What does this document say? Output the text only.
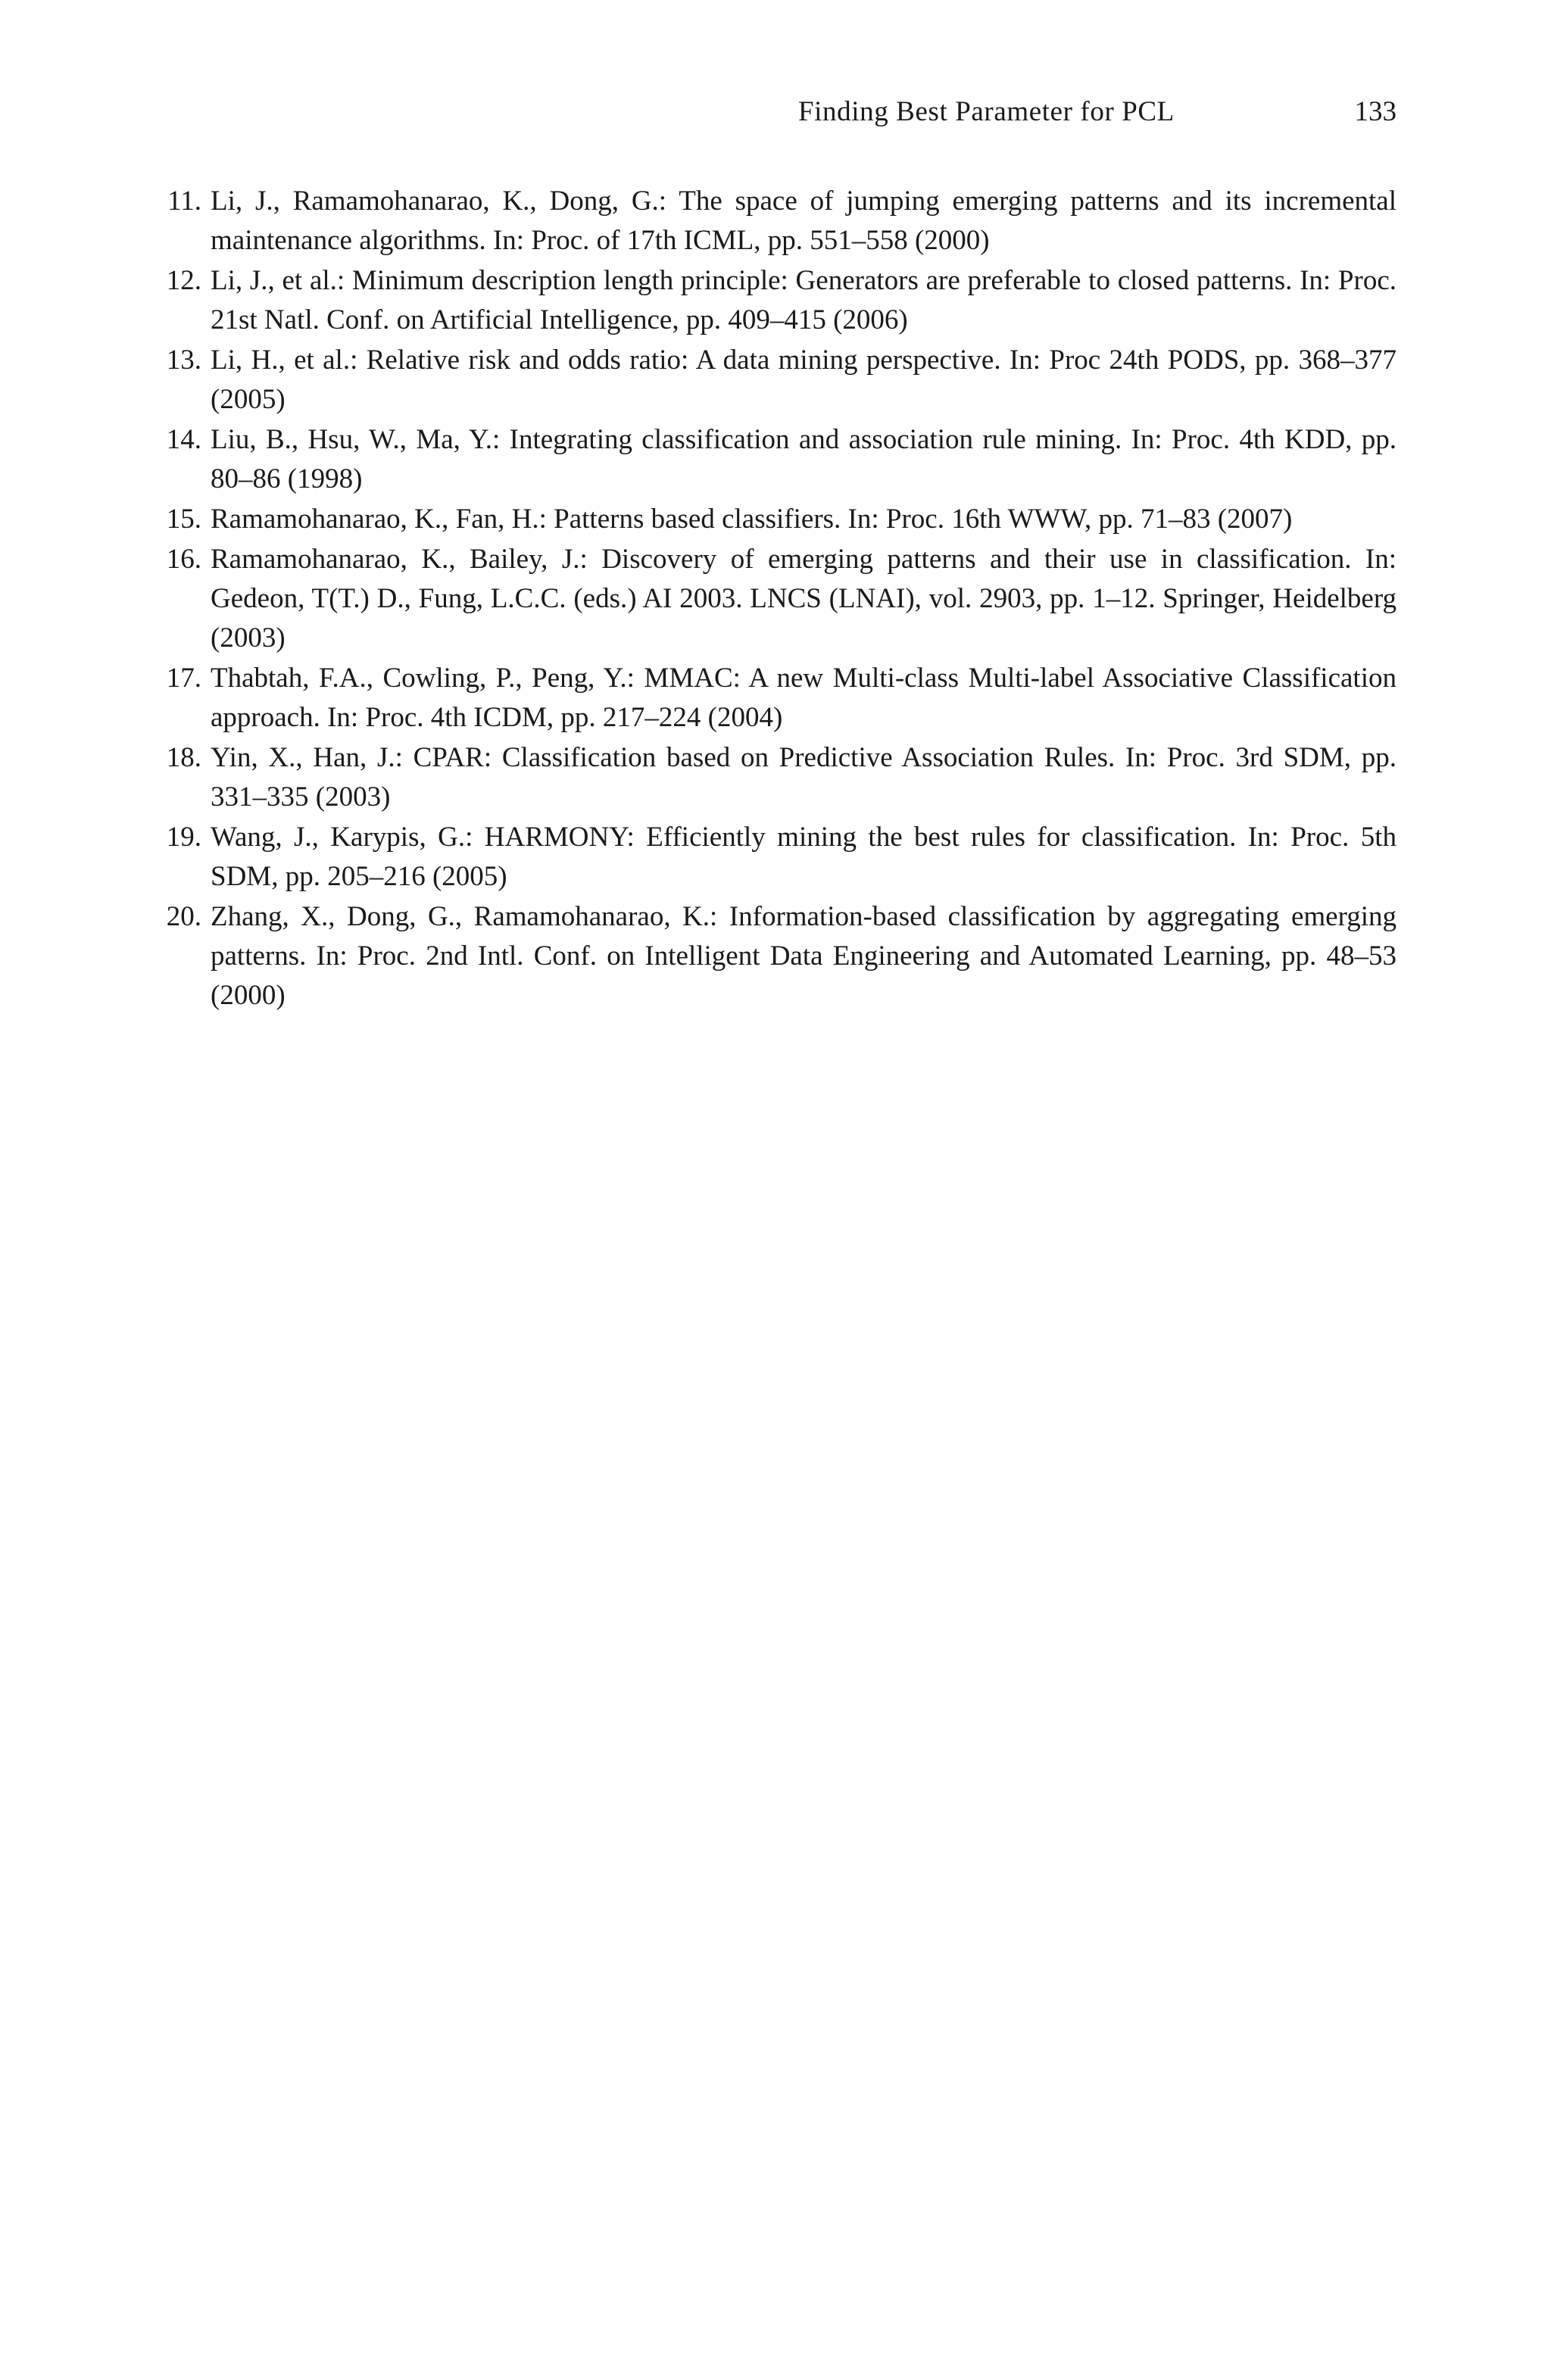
Finding Best Parameter for PCL	133
11. Li, J., Ramamohanarao, K., Dong, G.: The space of jumping emerging patterns and its incremental maintenance algorithms. In: Proc. of 17th ICML, pp. 551–558 (2000)
12. Li, J., et al.: Minimum description length principle: Generators are preferable to closed patterns. In: Proc. 21st Natl. Conf. on Artificial Intelligence, pp. 409–415 (2006)
13. Li, H., et al.: Relative risk and odds ratio: A data mining perspective. In: Proc 24th PODS, pp. 368–377 (2005)
14. Liu, B., Hsu, W., Ma, Y.: Integrating classification and association rule mining. In: Proc. 4th KDD, pp. 80–86 (1998)
15. Ramamohanarao, K., Fan, H.: Patterns based classifiers. In: Proc. 16th WWW, pp. 71–83 (2007)
16. Ramamohanarao, K., Bailey, J.: Discovery of emerging patterns and their use in classification. In: Gedeon, T(T.) D., Fung, L.C.C. (eds.) AI 2003. LNCS (LNAI), vol. 2903, pp. 1–12. Springer, Heidelberg (2003)
17. Thabtah, F.A., Cowling, P., Peng, Y.: MMAC: A new Multi-class Multi-label Associative Classification approach. In: Proc. 4th ICDM, pp. 217–224 (2004)
18. Yin, X., Han, J.: CPAR: Classification based on Predictive Association Rules. In: Proc. 3rd SDM, pp. 331–335 (2003)
19. Wang, J., Karypis, G.: HARMONY: Efficiently mining the best rules for classification. In: Proc. 5th SDM, pp. 205–216 (2005)
20. Zhang, X., Dong, G., Ramamohanarao, K.: Information-based classification by aggregating emerging patterns. In: Proc. 2nd Intl. Conf. on Intelligent Data Engineering and Automated Learning, pp. 48–53 (2000)
